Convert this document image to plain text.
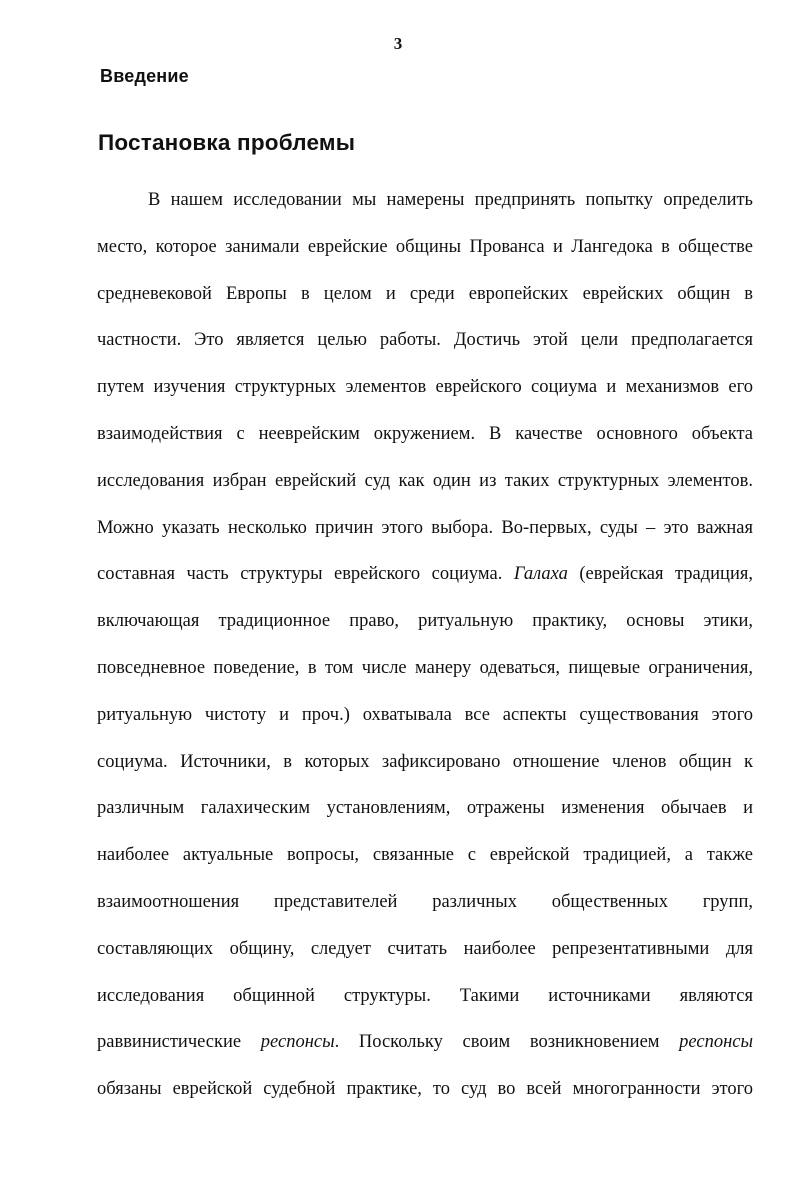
3
Введение
Постановка проблемы
В нашем исследовании мы намерены предпринять попытку определить
место, которое занимали еврейские общины Прованса и Лангедока в обществе
средневековой Европы в целом и среди европейских еврейских общин в
частности. Это является целью работы. Достичь этой цели предполагается
путем изучения структурных элементов еврейского социума и механизмов его
взаимодействия с нееврейским окружением. В качестве основного объекта
исследования избран еврейский суд как один из таких структурных элементов.
Можно указать несколько причин этого выбора. Во-первых, суды – это важная
составная часть структуры еврейского социума. Галаха (еврейская традиция,
включающая традиционное право, ритуальную практику, основы этики,
повседневное поведение, в том числе манеру одеваться, пищевые ограничения,
ритуальную чистоту и проч.) охватывала все аспекты существования этого
социума. Источники, в которых зафиксировано отношение членов общин к
различным галахическим установлениям, отражены изменения обычаев и
наиболее актуальные вопросы, связанные с еврейской традицией, а также
взаимоотношения представителей различных общественных групп,
составляющих общину, следует считать наиболее репрезентативными для
исследования общинной структуры. Такими источниками являются
раввинистические респонсы. Поскольку своим возникновением респонсы
обязаны еврейской судебной практике, то суд во всей многогранности этого
